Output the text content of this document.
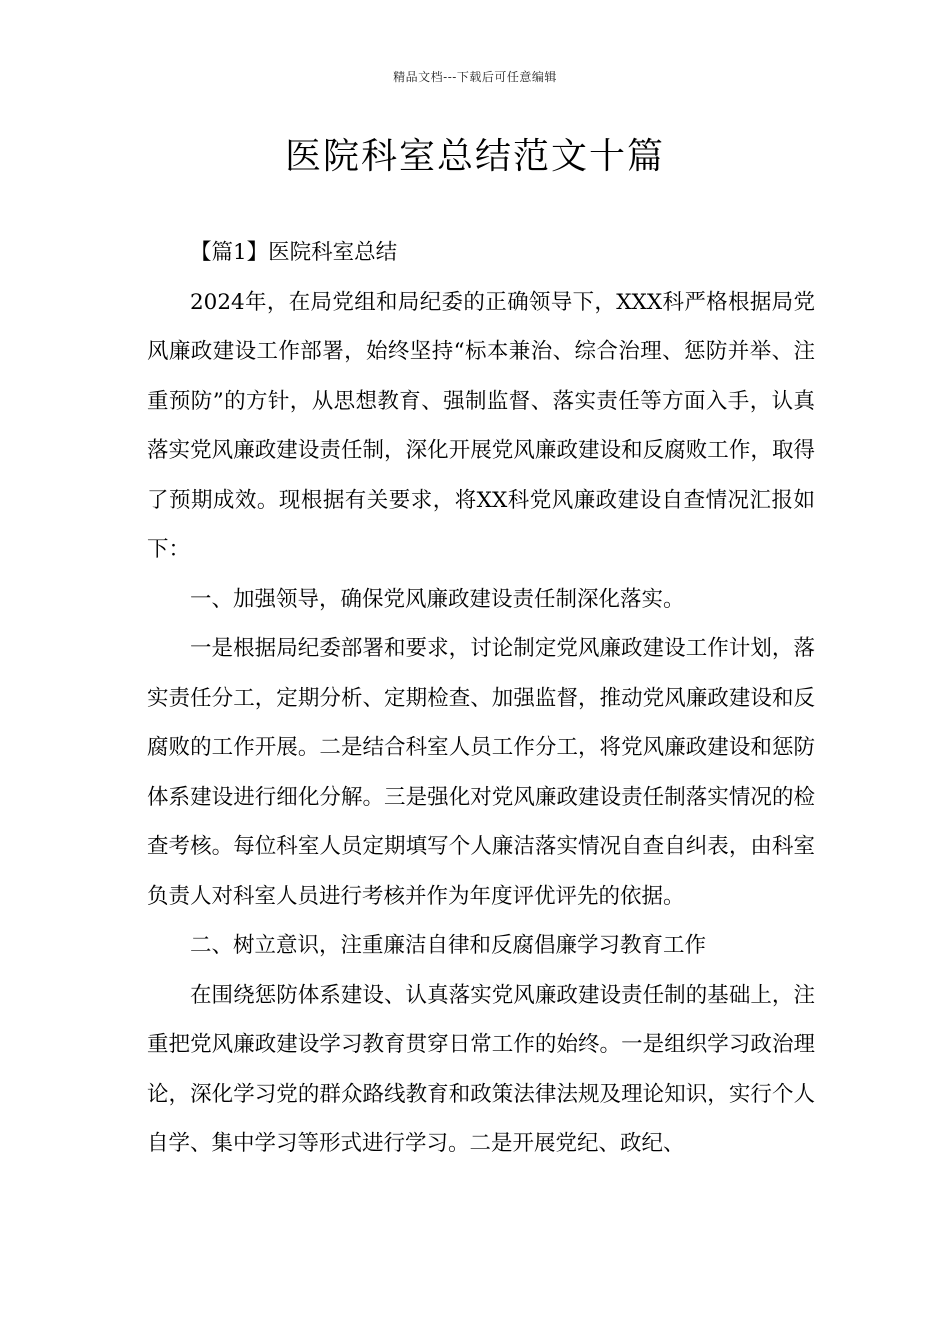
精品文档---下载后可任意编辑
医院科室总结范文十篇

【篇1】医院科室总结

2024年，在局党组和局纪委的正确领导下，XXX科严格根据局党风廉政建设工作部署，始终坚持“标本兼治、综合治理、惩防并举、注重预防”的方针，从思想教育、强制监督、落实责任等方面入手，认真落实党风廉政建设责任制，深化开展党风廉政建设和反腐败工作，取得了预期成效。现根据有关要求，将XX科党风廉政建设自查情况汇报如下：

一、加强领导，确保党风廉政建设责任制深化落实。

一是根据局纪委部署和要求，讨论制定党风廉政建设工作计划，落实责任分工，定期分析、定期检查、加强监督，推动党风廉政建设和反腐败的工作开展。二是结合科室人员工作分工，将党风廉政建设和惩防体系建设进行细化分解。三是强化对党风廉政建设责任制落实情况的检查考核。每位科室人员定期填写个人廉洁落实情况自查自纠表，由科室负责人对科室人员进行考核并作为年度评优评先的依据。

二、树立意识，注重廉洁自律和反腐倡廉学习教育工作

在围绕惩防体系建设、认真落实党风廉政建设责任制的基础上，注重把党风廉政建设学习教育贯穿日常工作的始终。一是组织学习政治理论，深化学习党的群众路线教育和政策法律法规及理论知识，实行个人自学、集中学习等形式进行学习。二是开展党纪、政纪、
